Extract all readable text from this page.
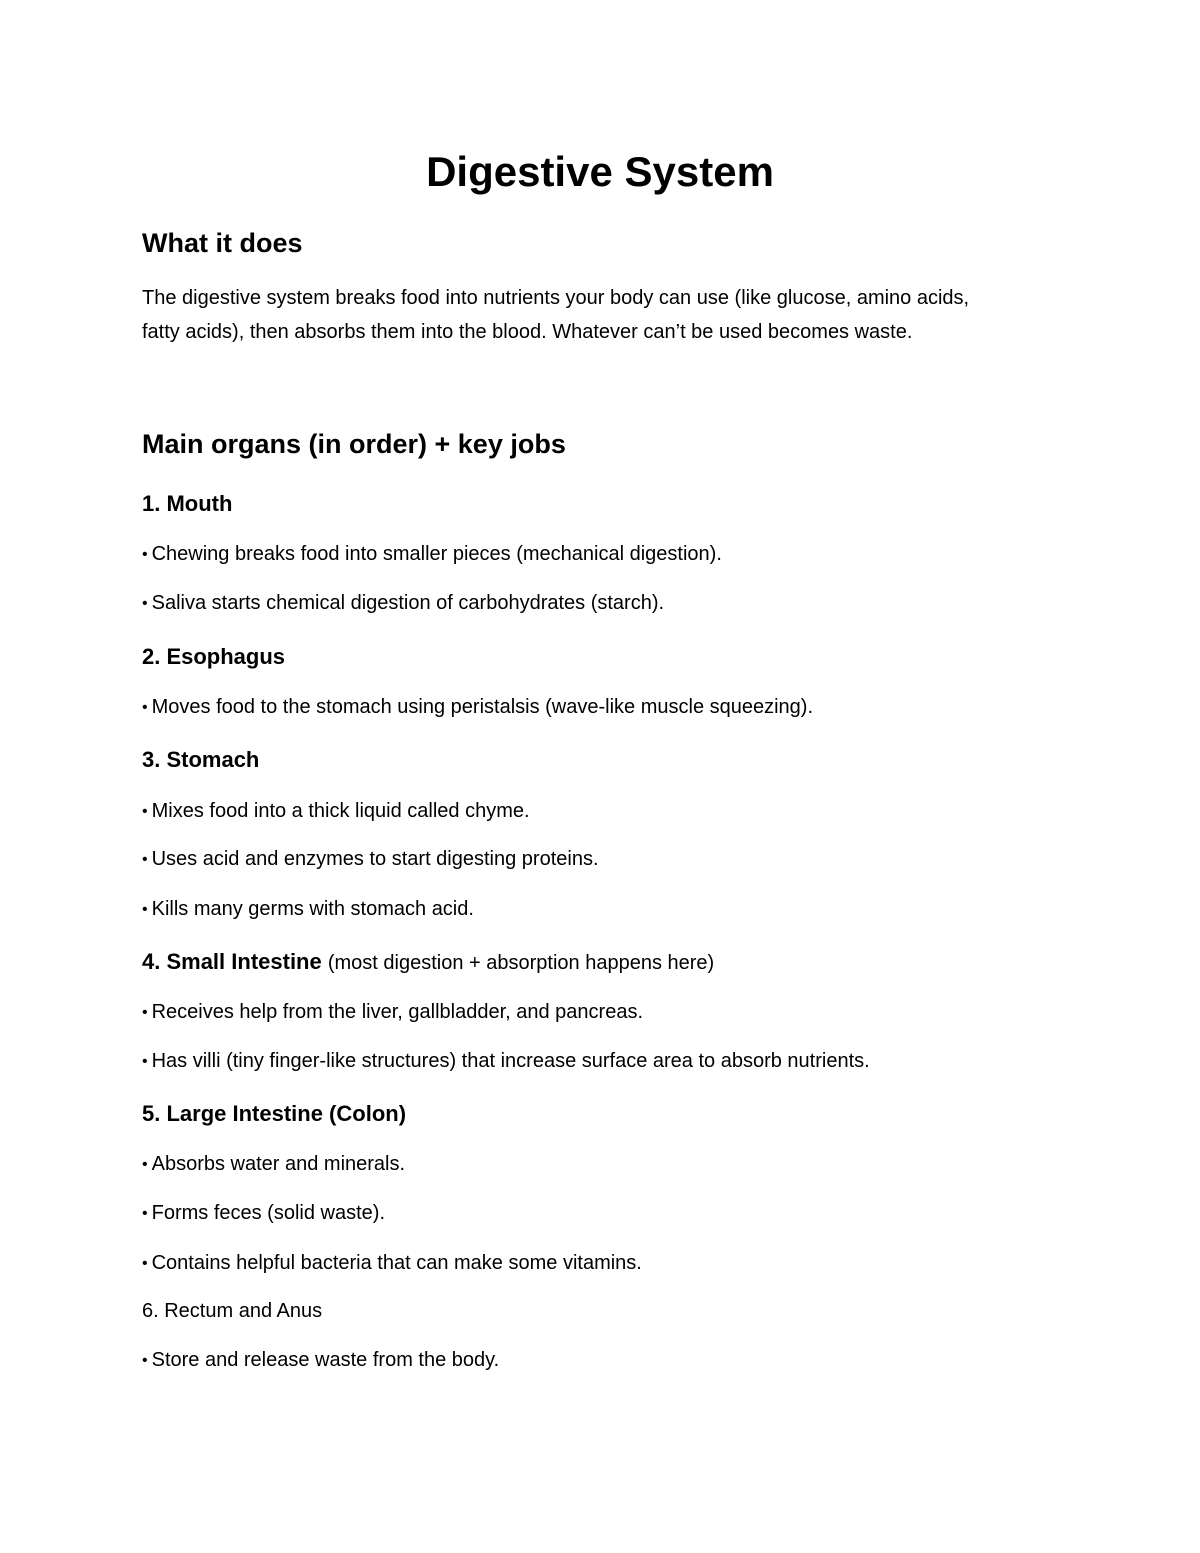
Digestive System
What it does
The digestive system breaks food into nutrients your body can use (like glucose, amino acids,
fatty acids), then absorbs them into the blood. Whatever can’t be used becomes waste.
Main organs (in order) + key jobs
1. Mouth
• Chewing breaks food into smaller pieces (mechanical digestion).
• Saliva starts chemical digestion of carbohydrates (starch).
2. Esophagus
• Moves food to the stomach using peristalsis (wave-like muscle squeezing).
3. Stomach
• Mixes food into a thick liquid called chyme.
• Uses acid and enzymes to start digesting proteins.
• Kills many germs with stomach acid.
4. Small Intestine (most digestion + absorption happens here)
• Receives help from the liver, gallbladder, and pancreas.
• Has villi (tiny finger-like structures) that increase surface area to absorb nutrients.
5. Large Intestine (Colon)
• Absorbs water and minerals.
• Forms feces (solid waste).
• Contains helpful bacteria that can make some vitamins.
6. Rectum and Anus
• Store and release waste from the body.
